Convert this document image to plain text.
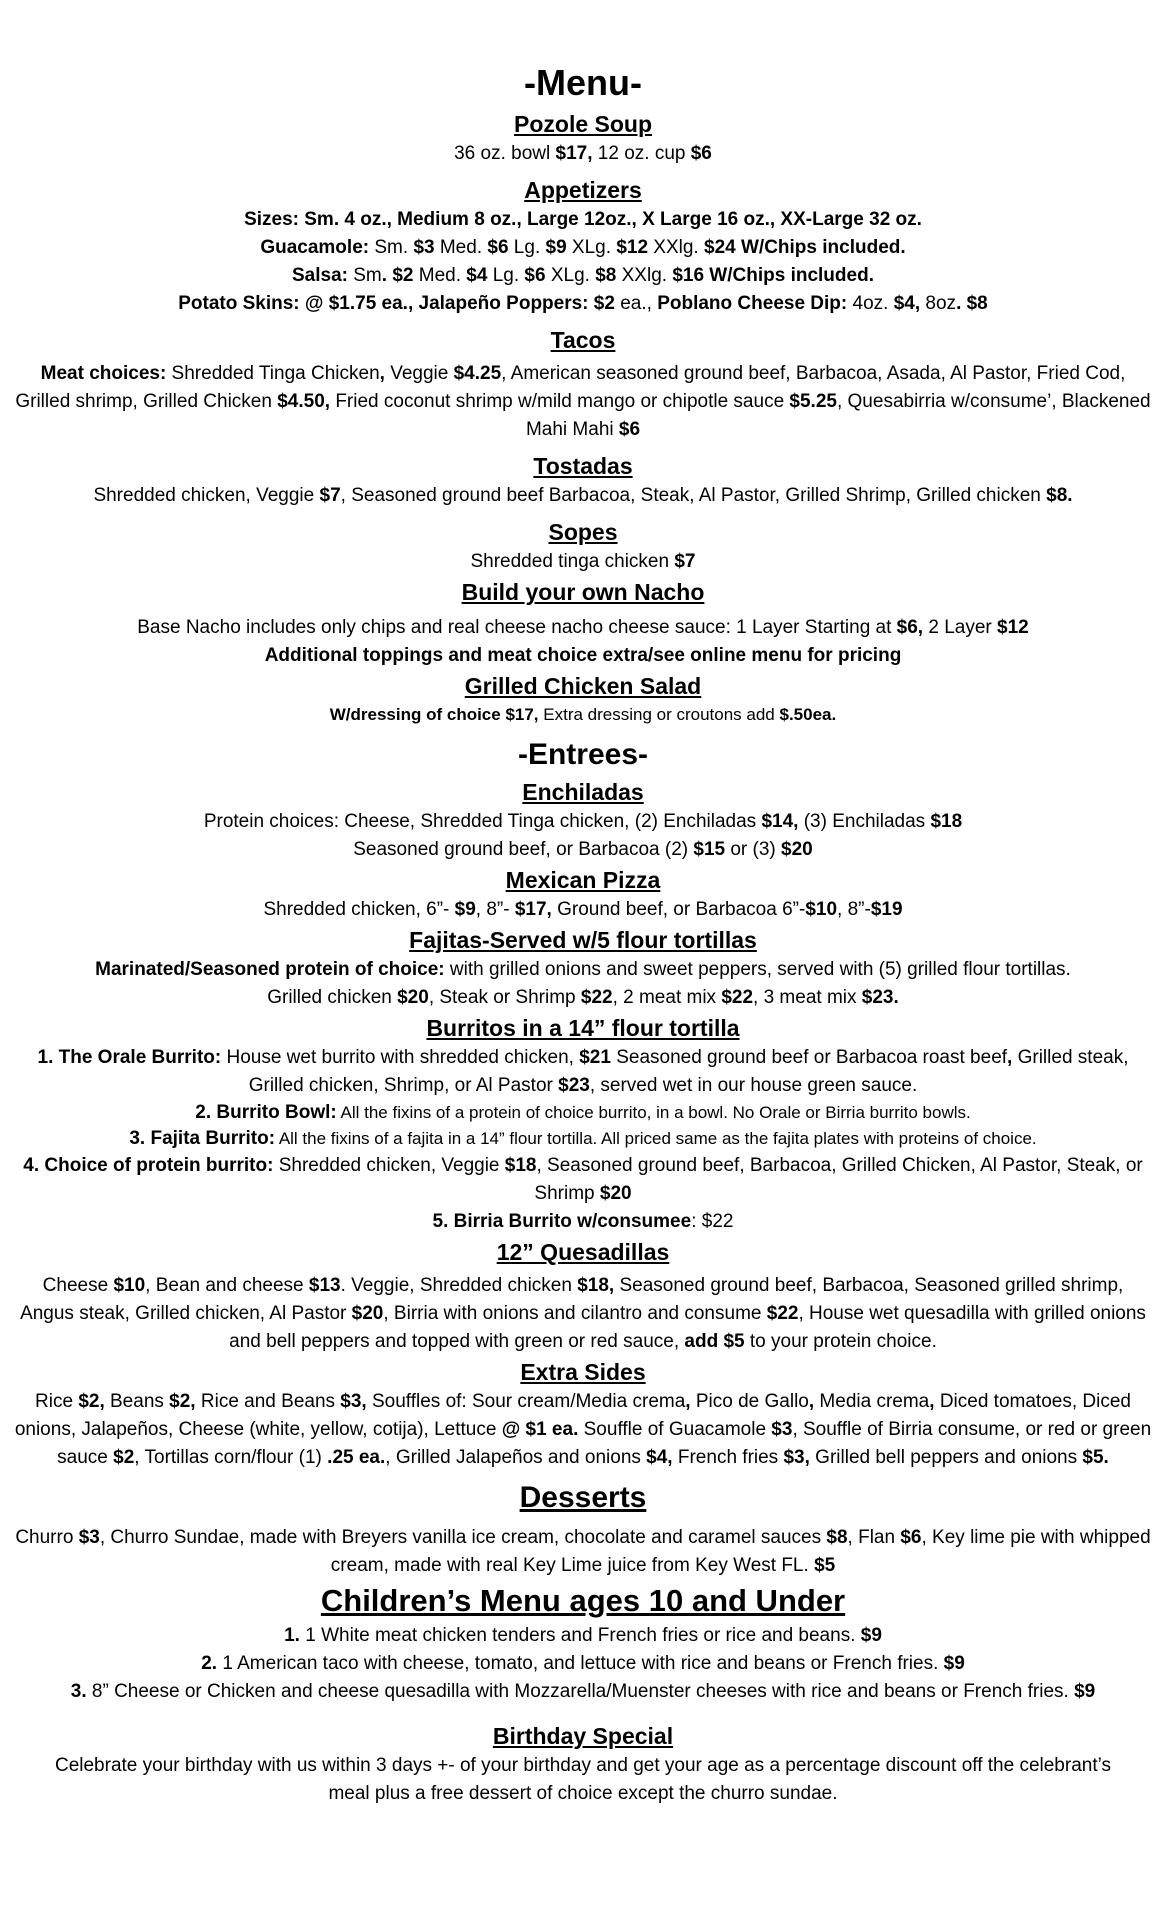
-Menu-
Pozole Soup

36 oz. bowl $17, 12 oz. cup $6

Appetizers

Sizes: Sm. 4 oz., Medium 8 oz., Large 12oz., X Large 16 oz., XX-Large 32 oz.

Guacamole: Sm. $3 Med. $6 Lg. $9 XLg. $12 XXlg. $24 W/Chips included.

Salsa: Sm. $2 Med. $4 Lg. $6 XLg. $8 XXlg. $16 W/Chips included.

Potato Skins: @ $1.75 ea., Jalapeño Poppers: $2 ea., Poblano Cheese Dip: 4oz. $4, 8oz. $8

Tacos

Meat choices: Shredded Tinga Chicken, Veggie $4.25, American seasoned ground beef, Barbacoa, Asada, Al Pastor, Fried Cod, Grilled shrimp, Grilled Chicken $4.50, Fried coconut shrimp w/mild mango or chipotle sauce $5.25, Quesabirria w/consume’, Blackened Mahi Mahi $6

Tostadas

Shredded chicken, Veggie $7, Seasoned ground beef Barbacoa, Steak, Al Pastor, Grilled Shrimp, Grilled chicken $8.

Sopes

Shredded tinga chicken $7

Build your own Nacho

Base Nacho includes only chips and real cheese nacho cheese sauce: 1 Layer Starting at $6, 2 Layer $12

Additional toppings and meat choice extra/see online menu for pricing

Grilled Chicken Salad

W/dressing of choice $17, Extra dressing or croutons add $.50ea.

-Entrees-
Enchiladas

Protein choices: Cheese, Shredded Tinga chicken, (2) Enchiladas $14, (3) Enchiladas $18

Seasoned ground beef, or Barbacoa (2) $15 or (3) $20

Mexican Pizza

Shredded chicken, 6”- $9, 8”- $17, Ground beef, or Barbacoa 6”-$10, 8”-$19

Fajitas-Served w/5 flour tortillas

Marinated/Seasoned protein of choice: with grilled onions and sweet peppers, served with (5) grilled flour tortillas.

Grilled chicken $20, Steak or Shrimp $22, 2 meat mix $22, 3 meat mix $23.

Burritos in a 14” flour tortilla

1. The Orale Burrito: House wet burrito with shredded chicken, $21 Seasoned ground beef or Barbacoa roast beef, Grilled steak, Grilled chicken, Shrimp, or Al Pastor $23, served wet in our house green sauce.

2. Burrito Bowl: All the fixins of a protein of choice burrito, in a bowl. No Orale or Birria burrito bowls.

3. Fajita Burrito: All the fixins of a fajita in a 14” flour tortilla. All priced same as the fajita plates with proteins of choice.

4. Choice of protein burrito: Shredded chicken, Veggie $18, Seasoned ground beef, Barbacoa, Grilled Chicken, Al Pastor, Steak, or Shrimp $20

5. Birria Burrito w/consumee: $22

12” Quesadillas

Cheese $10, Bean and cheese $13. Veggie, Shredded chicken $18, Seasoned ground beef, Barbacoa, Seasoned grilled shrimp, Angus steak, Grilled chicken, Al Pastor $20, Birria with onions and cilantro and consume $22, House wet quesadilla with grilled onions and bell peppers and topped with green or red sauce, add $5 to your protein choice.

Extra Sides

Rice $2, Beans $2, Rice and Beans $3, Souffles of: Sour cream/Media crema, Pico de Gallo, Media crema, Diced tomatoes, Diced onions, Jalapeños, Cheese (white, yellow, cotija), Lettuce @ $1 ea. Souffle of Guacamole $3, Souffle of Birria consume, or red or green sauce $2, Tortillas corn/flour (1) .25 ea., Grilled Jalapeños and onions $4, French fries $3, Grilled bell peppers and onions $5.

Desserts

Churro $3, Churro Sundae, made with Breyers vanilla ice cream, chocolate and caramel sauces $8, Flan $6, Key lime pie with whipped cream, made with real Key Lime juice from Key West FL. $5

Children’s Menu ages 10 and Under

1. 1 White meat chicken tenders and French fries or rice and beans. $9

2. 1 American taco with cheese, tomato, and lettuce with rice and beans or French fries. $9

3. 8” Cheese or Chicken and cheese quesadilla with Mozzarella/Muenster cheeses with rice and beans or French fries. $9

Birthday Special

Celebrate your birthday with us within 3 days +- of your birthday and get your age as a percentage discount off the celebrant’s meal plus a free dessert of choice except the churro sundae.
